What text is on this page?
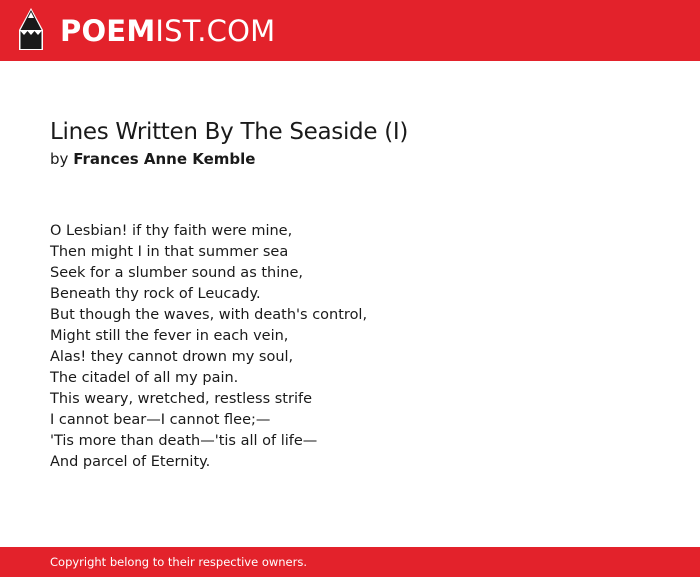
POEMIST.COM
Lines Written By The Seaside (I)
by Frances Anne Kemble
O Lesbian! if thy faith were mine,
Then might I in that summer sea
Seek for a slumber sound as thine,
Beneath thy rock of Leucady.
But though the waves, with death's control,
Might still the fever in each vein,
Alas! they cannot drown my soul,
The citadel of all my pain.
This weary, wretched, restless strife
I cannot bear—I cannot flee;—
'Tis more than death—'tis all of life—
And parcel of Eternity.
Copyright belong to their respective owners.
